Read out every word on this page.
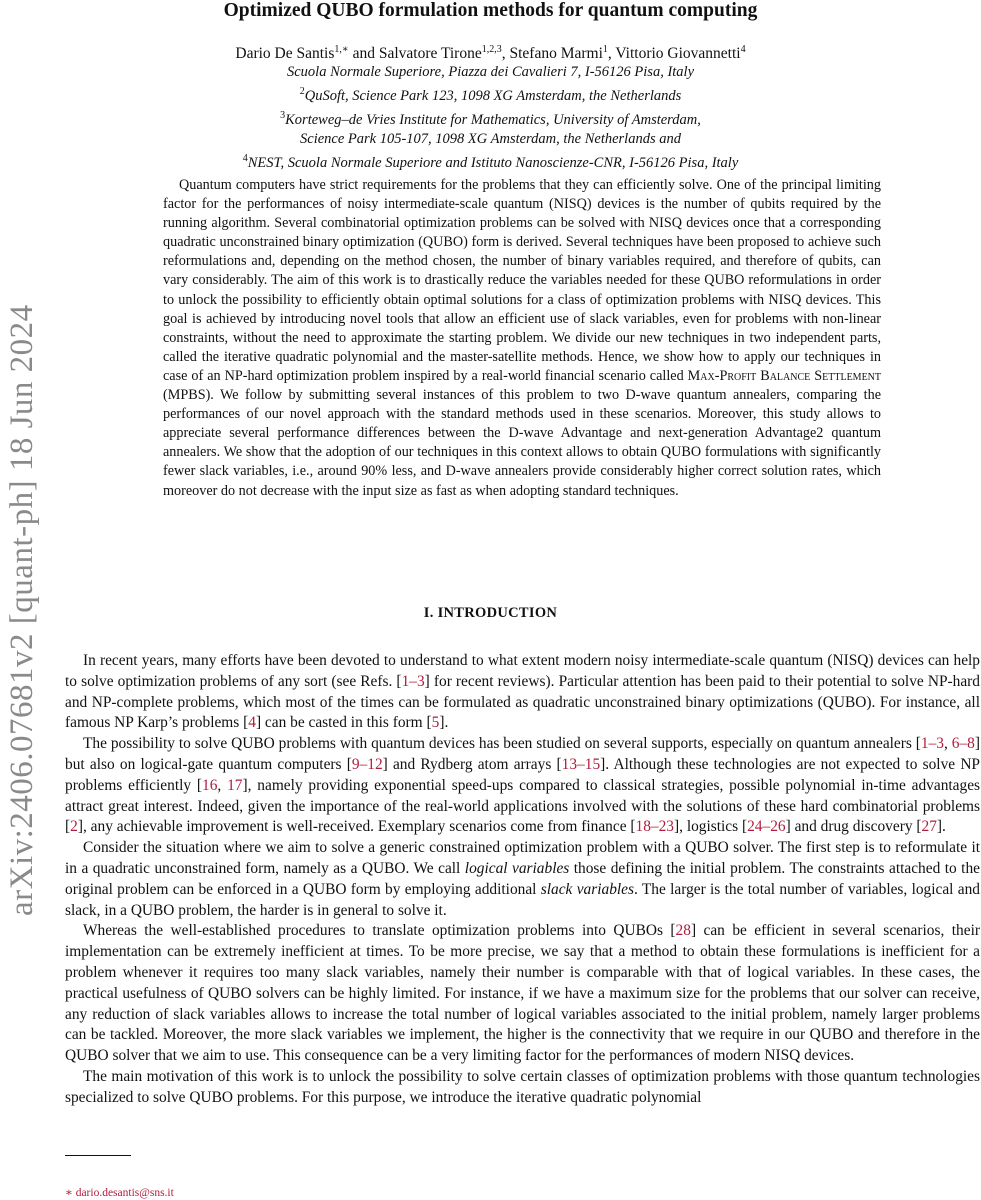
arXiv:2406.07681v2 [quant-ph] 18 Jun 2024
Optimized QUBO formulation methods for quantum computing
Dario De Santis$^{1,∗}$ and Salvatore Tirone$^{1,2,3}$, Stefano Marmi$^1$, Vittorio Giovannetti$^4$
Scuola Normale Superiore, Piazza dei Cavalieri 7, I-56126 Pisa, Italy
$^2$QuSoft, Science Park 123, 1098 XG Amsterdam, the Netherlands
$^3$Korteweg–de Vries Institute for Mathematics, University of Amsterdam,
Science Park 105-107, 1098 XG Amsterdam, the Netherlands and
$^4$NEST, Scuola Normale Superiore and Istituto Nanoscienze-CNR, I-56126 Pisa, Italy
Quantum computers have strict requirements for the problems that they can efficiently solve. One of the principal limiting factor for the performances of noisy intermediate-scale quantum (NISQ) devices is the number of qubits required by the running algorithm. Several combinatorial optimization problems can be solved with NISQ devices once that a corresponding quadratic unconstrained binary optimization (QUBO) form is derived. Several techniques have been proposed to achieve such reformulations and, depending on the method chosen, the number of binary variables required, and therefore of qubits, can vary considerably. The aim of this work is to drastically reduce the variables needed for these QUBO reformulations in order to unlock the possibility to efficiently obtain optimal solutions for a class of optimization problems with NISQ devices. This goal is achieved by introducing novel tools that allow an efficient use of slack variables, even for problems with non-linear constraints, without the need to approximate the starting problem. We divide our new techniques in two independent parts, called the iterative quadratic polynomial and the master-satellite methods. Hence, we show how to apply our techniques in case of an NP-hard optimization problem inspired by a real-world financial scenario called Max-Profit Balance Settlement (MPBS). We follow by submitting several instances of this problem to two D-wave quantum annealers, comparing the performances of our novel approach with the standard methods used in these scenarios. Moreover, this study allows to appreciate several performance differences between the D-wave Advantage and next-generation Advantage2 quantum annealers. We show that the adoption of our techniques in this context allows to obtain QUBO formulations with significantly fewer slack variables, i.e., around 90% less, and D-wave annealers provide considerably higher correct solution rates, which moreover do not decrease with the input size as fast as when adopting standard techniques.
I. INTRODUCTION

In recent years, many efforts have been devoted to understand to what extent modern noisy intermediate-scale quantum (NISQ) devices can help to solve optimization problems of any sort (see Refs. [1–3] for recent reviews). Particular attention has been paid to their potential to solve NP-hard and NP-complete problems, which most of the times can be formulated as quadratic unconstrained binary optimizations (QUBO). For instance, all famous NP Karp’s problems [4] can be casted in this form [5].

The possibility to solve QUBO problems with quantum devices has been studied on several supports, especially on quantum annealers [1–3, 6–8] but also on logical-gate quantum computers [9–12] and Rydberg atom arrays [13–15]. Although these technologies are not expected to solve NP problems efficiently [16, 17], namely providing exponential speed-ups compared to classical strategies, possible polynomial in-time advantages attract great interest. Indeed, given the importance of the real-world applications involved with the solutions of these hard combinatorial problems [2], any achievable improvement is well-received. Exemplary scenarios come from finance [18–23], logistics [24–26] and drug discovery [27].

Consider the situation where we aim to solve a generic constrained optimization problem with a QUBO solver. The first step is to reformulate it in a quadratic unconstrained form, namely as a QUBO. We call logical variables those defining the initial problem. The constraints attached to the original problem can be enforced in a QUBO form by employing additional slack variables. The larger is the total number of variables, logical and slack, in a QUBO problem, the harder is in general to solve it.

Whereas the well-established procedures to translate optimization problems into QUBOs [28] can be efficient in several scenarios, their implementation can be extremely inefficient at times. To be more precise, we say that a method to obtain these formulations is inefficient for a problem whenever it requires too many slack variables, namely their number is comparable with that of logical variables. In these cases, the practical usefulness of QUBO solvers can be highly limited. For instance, if we have a maximum size for the problems that our solver can receive, any reduction of slack variables allows to increase the total number of logical variables associated to the initial problem, namely larger problems can be tackled. Moreover, the more slack variables we implement, the higher is the connectivity that we require in our QUBO and therefore in the QUBO solver that we aim to use. This consequence can be a very limiting factor for the performances of modern NISQ devices.

The main motivation of this work is to unlock the possibility to solve certain classes of optimization problems with those quantum technologies specialized to solve QUBO problems. For this purpose, we introduce the iterative quadratic polynomial

∗ dario.desantis@sns.it
